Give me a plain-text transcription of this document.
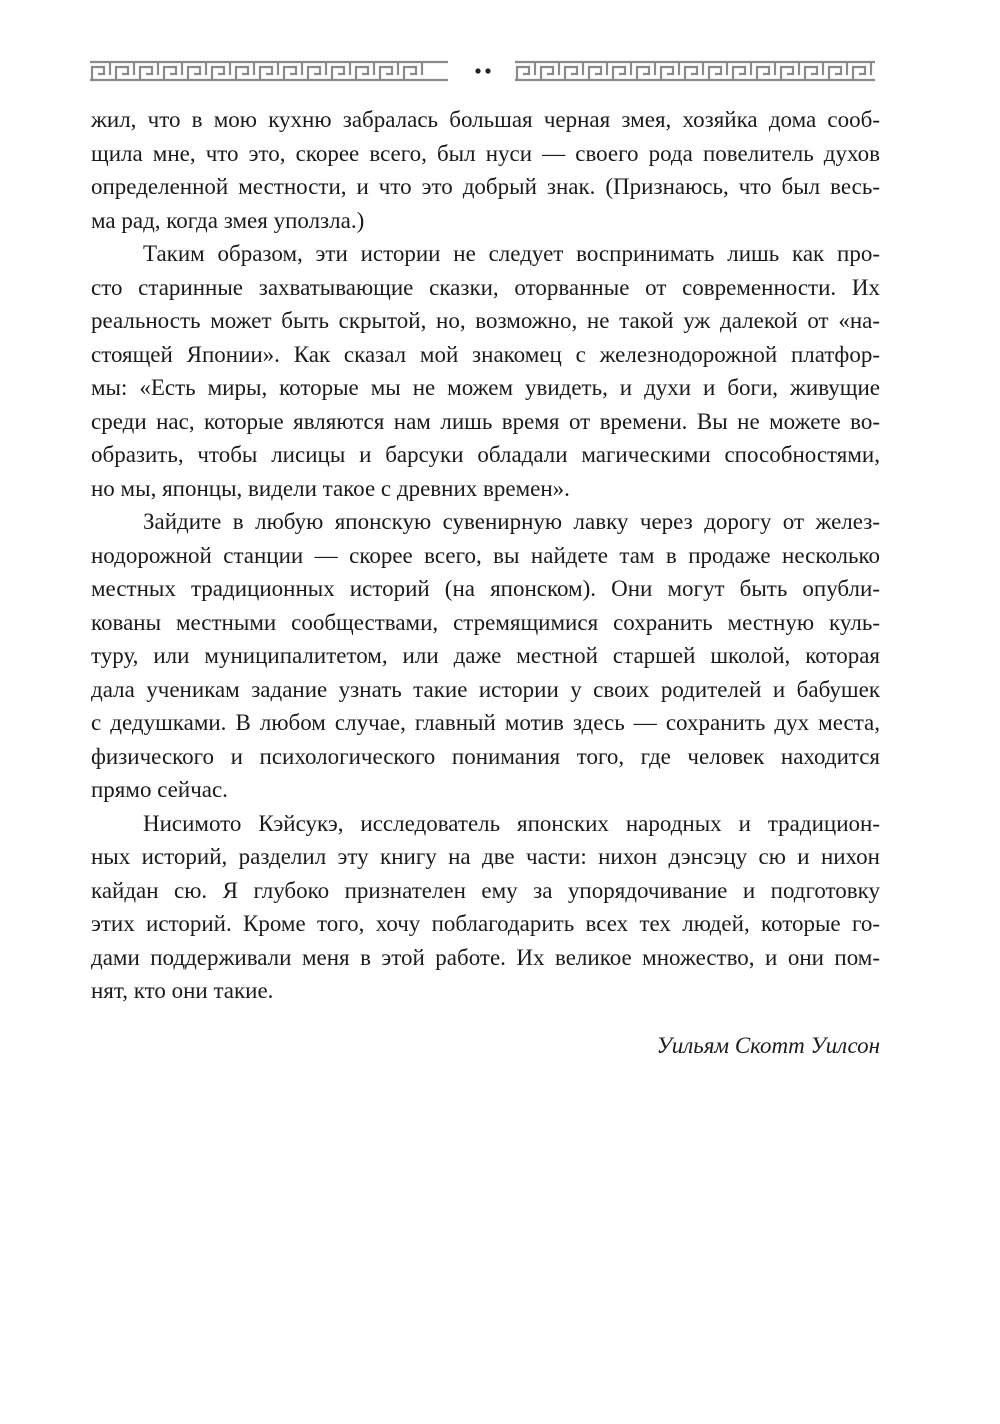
жил, что в мою кухню забралась большая черная змея, хозяйка дома сооб-
щила мне, что это, скорее всего, был нуси — своего рода повелитель духов
определенной местности, и что это добрый знак. (Признаюсь, что был весь-
ма рад, когда змея уползла.)
Таким образом, эти истории не следует воспринимать лишь как про-
сто старинные захватывающие сказки, оторванные от современности. Их
реальность может быть скрытой, но, возможно, не такой уж далекой от «на-
стоящей Японии». Как сказал мой знакомец с железнодорожной платфор-
мы: «Есть миры, которые мы не можем увидеть, и духи и боги, живущие
среди нас, которые являются нам лишь время от времени. Вы не можете во-
образить, чтобы лисицы и барсуки обладали магическими способностями,
но мы, японцы, видели такое с древних времен».
Зайдите в любую японскую сувенирную лавку через дорогу от желез-
нодорожной станции — скорее всего, вы найдете там в продаже несколько
местных традиционных историй (на японском). Они могут быть опубли-
кованы местными сообществами, стремящимися сохранить местную куль-
туру, или муниципалитетом, или даже местной старшей школой, которая
дала ученикам задание узнать такие истории у своих родителей и бабушек
с дедушками. В любом случае, главный мотив здесь — сохранить дух места,
физического и психологического понимания того, где человек находится
прямо сейчас.
Нисимото Кэйсукэ, исследователь японских народных и традицион-
ных историй, разделил эту книгу на две части: нихон дэнсэцу сю и нихон
кайдан сю. Я глубоко признателен ему за упорядочивание и подготовку
этих историй. Кроме того, хочу поблагодарить всех тех людей, которые го-
дами поддерживали меня в этой работе. Их великое множество, и они пом-
нят, кто они такие.
Уильям Скотт Уилсон
